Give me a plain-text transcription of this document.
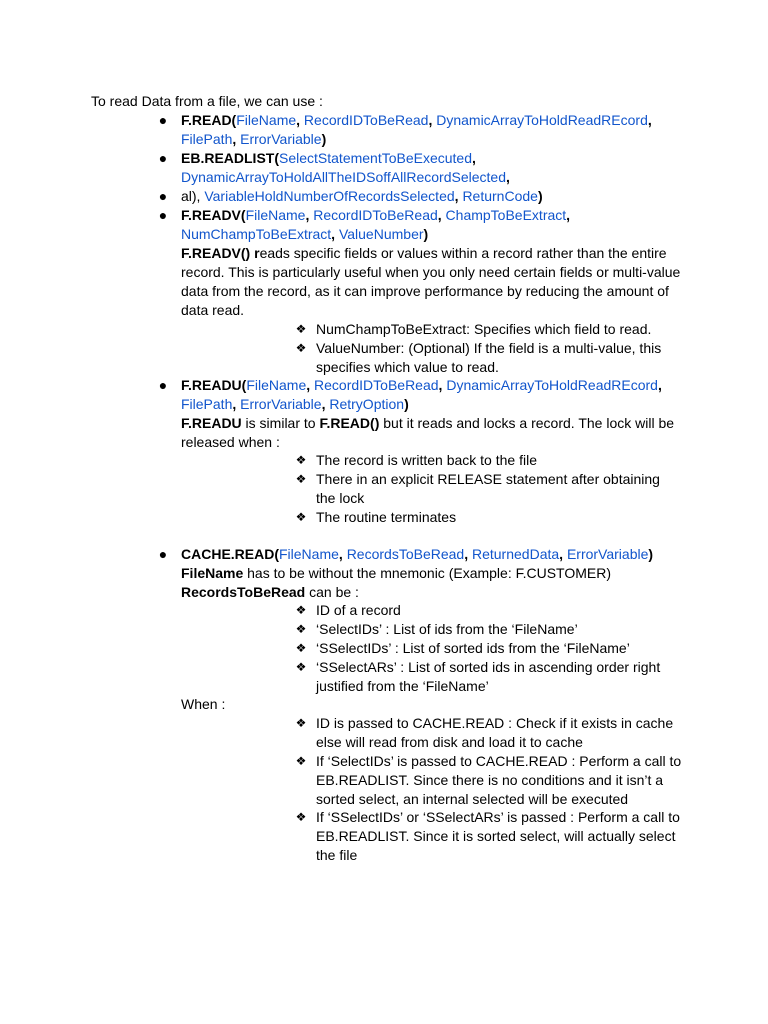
To read Data from a file, we can use :
● F.READ(FileName, RecordIDToBeRead, DynamicArrayToHoldReadREcord,
FilePath, ErrorVariable)
● EB.READLIST(SelectStatementToBeExecuted,
DynamicArrayToHoldAllTheIDSoffAllRecordSelected,
● al), VariableHoldNumberOfRecordsSelected, ReturnCode)
● F.READV(FileName, RecordIDToBeRead, ChampToBeExtract,
NumChampToBeExtract, ValueNumber)
F.READV() reads specific fields or values within a record rather than the entire
record. This is particularly useful when you only need certain fields or multi-value
data from the record, as it can improve performance by reducing the amount of
data read.
❖ NumChampToBeExtract: Specifies which field to read.
❖ ValueNumber: (Optional) If the field is a multi-value, this
specifies which value to read.
● F.READU(FileName, RecordIDToBeRead, DynamicArrayToHoldReadREcord,
FilePath, ErrorVariable, RetryOption)
F.READU is similar to F.READ() but it reads and locks a record. The lock will be
released when :
❖ The record is written back to the file
❖ There in an explicit RELEASE statement after obtaining
the lock
❖ The routine terminates
● CACHE.READ(FileName, RecordsToBeRead, ReturnedData, ErrorVariable)
FileName has to be without the mnemonic (Example: F.CUSTOMER)
RecordsToBeRead can be :
❖ ID of a record
❖ ‘SelectIDs’ : List of ids from the ‘FileName’
❖ ‘SSelectIDs’ : List of sorted ids from the ‘FileName’
❖ ‘SSelectARs’ : List of sorted ids in ascending order right
justified from the ‘FileName’
When :
❖ ID is passed to CACHE.READ : Check if it exists in cache
else will read from disk and load it to cache
❖ If ‘SelectIDs’ is passed to CACHE.READ : Perform a call to
EB.READLIST. Since there is no conditions and it isn’t a
sorted select, an internal selected will be executed
❖ If ‘SSelectIDs’ or ‘SSelectARs’ is passed : Perform a call to
EB.READLIST. Since it is sorted select, will actually select
the file
